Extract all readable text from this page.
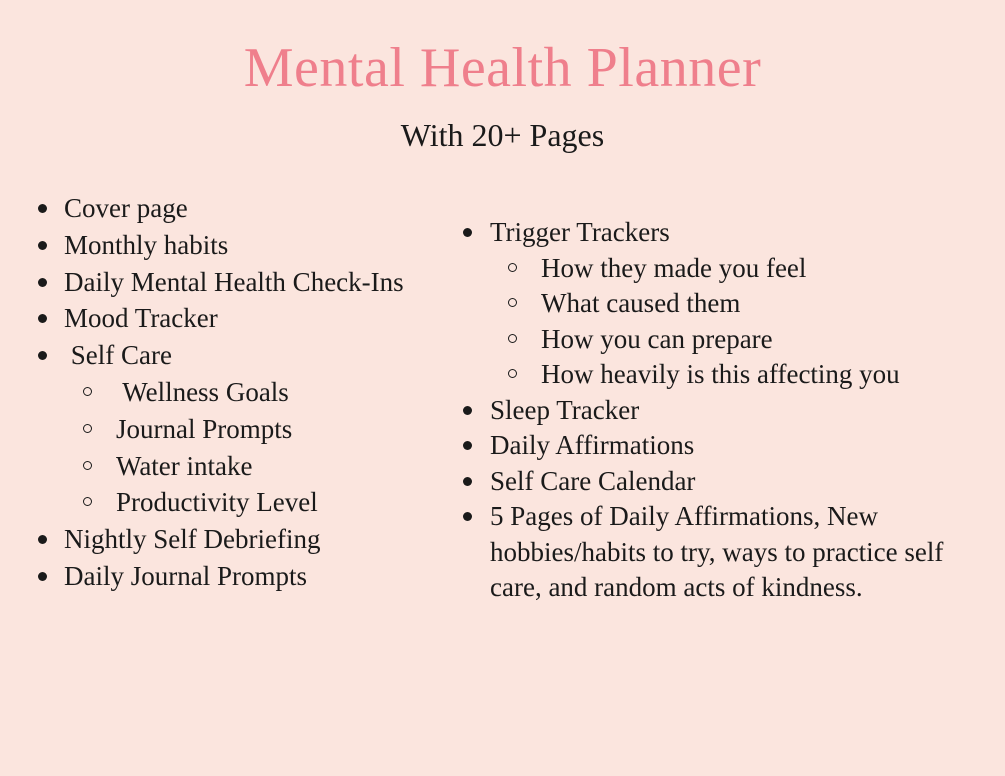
Mental Health Planner
With 20+ Pages
Cover page
Monthly habits
Daily Mental Health Check-Ins
Mood Tracker
Self Care
Wellness Goals
Journal Prompts
Water intake
Productivity Level
Nightly Self Debriefing
Daily Journal Prompts
Trigger Trackers
How they made you feel
What caused them
How you can prepare
How heavily is this affecting you
Sleep Tracker
Daily Affirmations
Self Care Calendar
5 Pages of Daily Affirmations, New hobbies/habits to try, ways to practice self care, and random acts of kindness.
